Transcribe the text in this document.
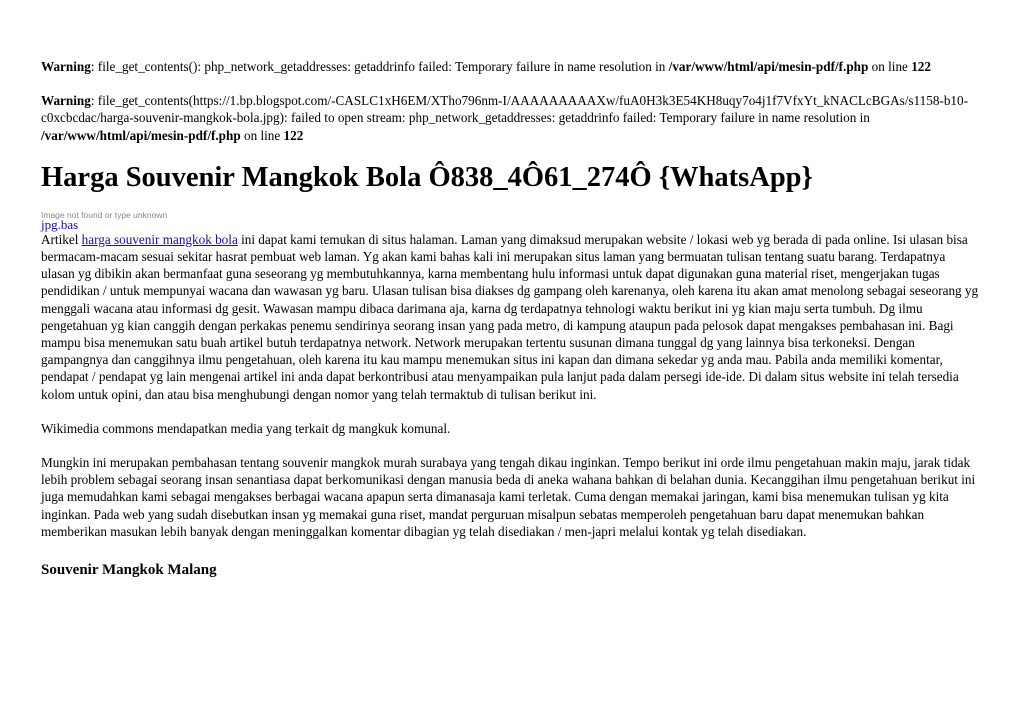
Warning: file_get_contents(): php_network_getaddresses: getaddrinfo failed: Temporary failure in name resolution in /var/www/html/api/mesin-pdf/f.php on line 122

Warning: file_get_contents(https://1.bp.blogspot.com/-CASLC1xH6EM/XTho796nm-I/AAAAAAAAAXw/fuA0H3k3E54KH8uqy7o4j1f7VfxYt_kNACLcBGAs/s1158-b10-c0xcbcdac/harga-souvenir-mangkok-bola.jpg): failed to open stream: php_network_getaddresses: getaddrinfo failed: Temporary failure in name resolution in /var/www/html/api/mesin-pdf/f.php on line 122

Harga Souvenir Mangkok Bola Ô838_4Ô61_274Ô {WhatsApp}
Image not found or type unknown
jpg.bas

Artikel harga souvenir mangkok bola ini dapat kami temukan di situs halaman. Laman yang dimaksud merupakan website / lokasi web yg berada di pada online. Isi ulasan bisa bermacam-macam sesuai sekitar hasrat pembuat web laman. Yg akan kami bahas kali ini merupakan situs laman yang bermuatan tulisan tentang suatu barang. Terdapatnya ulasan yg dibikin akan bermanfaat guna seseorang yg membutuhkannya, karna membentang hulu informasi untuk dapat digunakan guna material riset, mengerjakan tugas pendidikan / untuk mempunyai wacana dan wawasan yg baru. Ulasan tulisan bisa diakses dg gampang oleh karenanya, oleh karena itu akan amat menolong sebagai seseorang yg menggali wacana atau informasi dg gesit. Wawasan mampu dibaca darimana aja, karna dg terdapatnya tehnologi waktu berikut ini yg kian maju serta tumbuh. Dg ilmu pengetahuan yg kian canggih dengan perkakas penemu sendirinya seorang insan yang pada metro, di kampung ataupun pada pelosok dapat mengakses pembahasan ini. Bagi mampu bisa menemukan satu buah artikel butuh terdapatnya network. Network merupakan tertentu susunan dimana tunggal dg yang lainnya bisa terkoneksi. Dengan gampangnya dan canggihnya ilmu pengetahuan, oleh karena itu kau mampu menemukan situs ini kapan dan dimana sekedar yg anda mau. Pabila anda memiliki komentar, pendapat / pendapat yg lain mengenai artikel ini anda dapat berkontribusi atau menyampaikan pula lanjut pada dalam persegi ide-ide. Di dalam situs website ini telah tersedia kolom untuk opini, dan atau bisa menghubungi dengan nomor yang telah termaktub di tulisan berikut ini.

Wikimedia commons mendapatkan media yang terkait dg mangkuk komunal.

Mungkin ini merupakan pembahasan tentang souvenir mangkok murah surabaya yang tengah dikau inginkan. Tempo berikut ini orde ilmu pengetahuan makin maju, jarak tidak lebih problem sebagai seorang insan senantiasa dapat berkomunikasi dengan manusia beda di aneka wahana bahkan di belahan dunia. Kecanggihan ilmu pengetahuan berikut ini juga memudahkan kami sebagai mengakses berbagai wacana apapun serta dimanasaja kami terletak. Cuma dengan memakai jaringan, kami bisa menemukan tulisan yg kita inginkan. Pada web yang sudah disebutkan insan yg memakai guna riset, mandat perguruan misalpun sebatas memperoleh pengetahuan baru dapat menemukan bahkan memberikan masukan lebih banyak dengan meninggalkan komentar dibagian yg telah disediakan / men-japri melalui kontak yg telah disediakan.

Souvenir Mangkok Malang
